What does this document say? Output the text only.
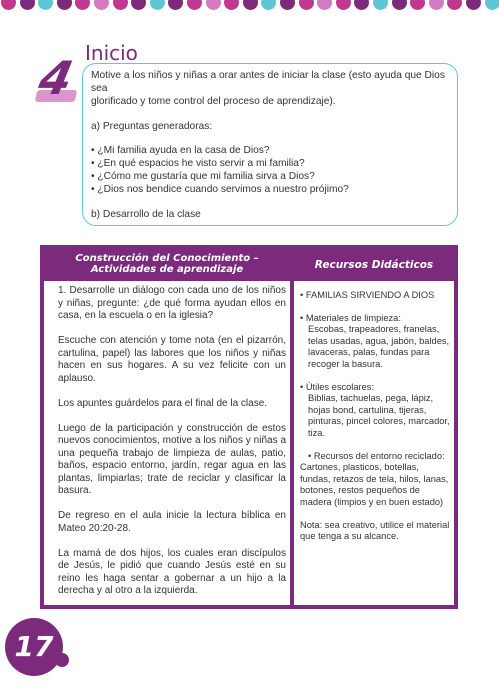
4 Inicio

Motive a los niños y niñas a orar antes de iniciar la clase (esto ayuda que Dios sea

glorificado y tome control del proceso de aprendizaje).

a) Preguntas generadoras:

• ¿Mi familia ayuda en la casa de Dios?

• ¿En qué espacios he visto servir a mi familia?

• ¿Cómo me gustaría que mi familia sirva a Dios?

• ¿Dios nos bendice cuando servimos a nuestro prójimo?

b) Desarrollo de la clase

Construcción del Conocimiento –
Actividades de aprendizaje	Recursos Didácticos

1. Desarrolle un diálogo con cada uno de los niños y niñas, pregunte: ¿de qué forma ayudan ellos en casa, en la escuela o en la iglesia?

Escuche con atención y tome nota (en el pizarrón, cartulina, papel) las labores que los niños y niñas hacen en sus hogares. A su vez felicite con un aplauso.

Los apuntes guárdelos para el final de la clase.

Luego de la participación y construcción de estos nuevos conocimientos, motive a los niños y niñas a una pequeña trabajo de limpieza de aulas, patio, baños, espacio entorno, jardín, regar agua en las plantas, limpiarlas; trate de reciclar y clasificar la basura.

De regreso en el aula inicie la lectura bíblica en Mateo 20:20-28.

La mamá de dos hijos, los cuales eran discípulos de Jesús, le pidió que cuando Jesús esté en su reino les haga sentar a gobernar a un hijo a la derecha y al otro a la izquierda.

• FAMILIAS SIRVIENDO A DIOS

• Materiales de limpieza:

Escobas, trapeadores, franelas, telas usadas, agua, jabón, baldes, lavaceras, palas, fundas para recoger la basura.

• Útiles escolares:

Biblias, tachuelas, pega, lápiz, hojas bond, cartulina, tijeras, pinturas, pincel colores, marcador, tiza.

• Recursos del entorno reciclado:

Cartones, plasticos, botellas, fundas, retazos de tela, hilos, lanas, botones, restos pequeños de madera (limpios y en buen estado)

Nota: sea creativo, utilice el material que tenga a su alcance.

17
